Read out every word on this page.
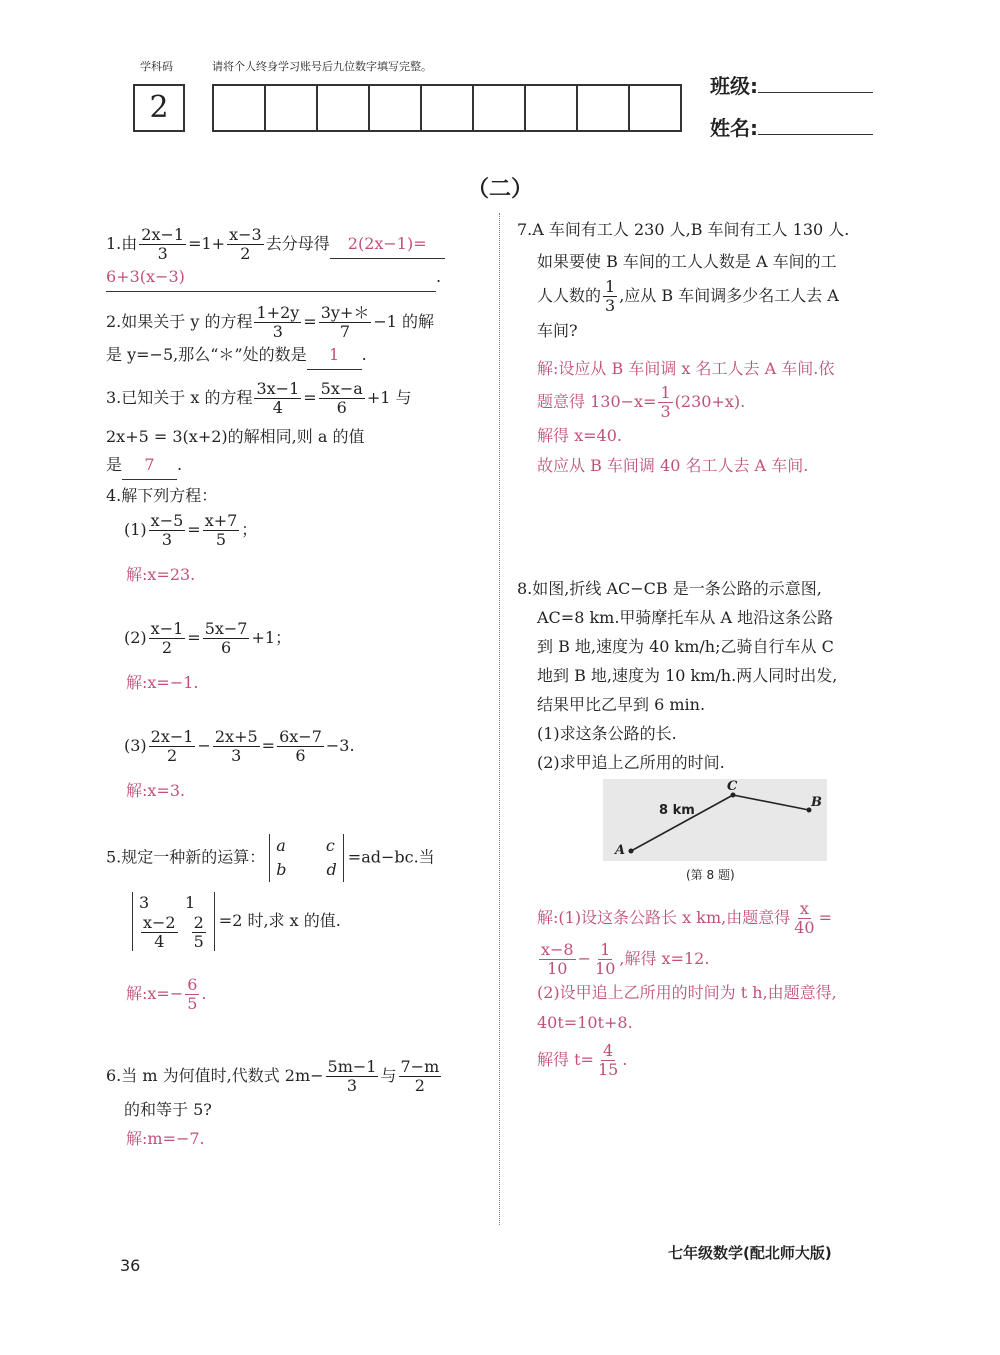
学科码
2
请将个人终身学习账号后九位数字填写完整。
班级:
姓名:
（二）
1.由 $\frac{2x-1}{3} =1+ \frac{x-3}{2}$ 去分母得 2(2x−1)=
6+3(x−3)	.
2.如果关于 y 的方程 $\frac{1+2y}{3} = \frac{3y+*}{7} -1$ 的解
是 y=−5,那么“＊”处的数是 1 .
3.已知关于 x 的方程 $\frac{3x-1}{4} = \frac{5x-a}{6} +1$ 与
2x+5 = 3(x+2)的解相同,则 a 的值
是 7 .
4.解下列方程：
$(1) \frac{x-5}{3} = \frac{x+7}{5}$ ；
解:x=23.
$(2) \frac{x-1}{2} = \frac{5x-7}{6} +1$；
解:x=−1.
$(3) \frac{2x-1}{2} - \frac{2x+5}{3} = \frac{6x-7}{6} -3$.
解:x=3.
5.规定一种新的运算：a	c
b	d=ad−bc.当
3 1

$\frac{x-2}{4} \frac{2}{5} =2$ 时,求 x 的值.
解:x=− $\frac{6}{5}$ .
6.当 m 为何值时,代数式 $2m- \frac{5m-1}{3}$ 与 $\frac{7-m}{2}$
的和等于 5?
解:m=−7.
7.A 车间有工人 230 人,B 车间有工人 130 人.
如果要使 B 车间的工人人数是 A 车间的工
人人数的 $\frac{1}{3}$ ,应从 B 车间调多少名工人去 A
车间?
解:设应从 B 车间调 x 名工人去 A 车间.依
题意得 $130-x= \frac{1}{3} (230+x)$.
解得 x=40.
故应从 B 车间调 40 名工人去 A 车间.
8.如图,折线 AC−CB 是一条公路的示意图,
AC=8 km.甲骑摩托车从 A 地沿这条公路
到 B 地,速度为 40 km/h;乙骑自行车从 C
地到 B 地,速度为 10 km/h.两人同时出发,
结果甲比乙早到 6 min.
(1)求这条公路的长.
(2)求甲追上乙所用的时间.
A
C
B
8 km
(第 8 题)
解:(1)设这条公路长 x km,由题意得 $\frac{x}{40}$ =

$\frac{x-8}{10} - \frac{1}{10}$ ,解得 x=12.
(2)设甲追上乙所用的时间为 t h,由题意得,
40t=10t+8.
解得 $t= \frac{4}{15}$ .
36
七年级数学(配北师大版)
